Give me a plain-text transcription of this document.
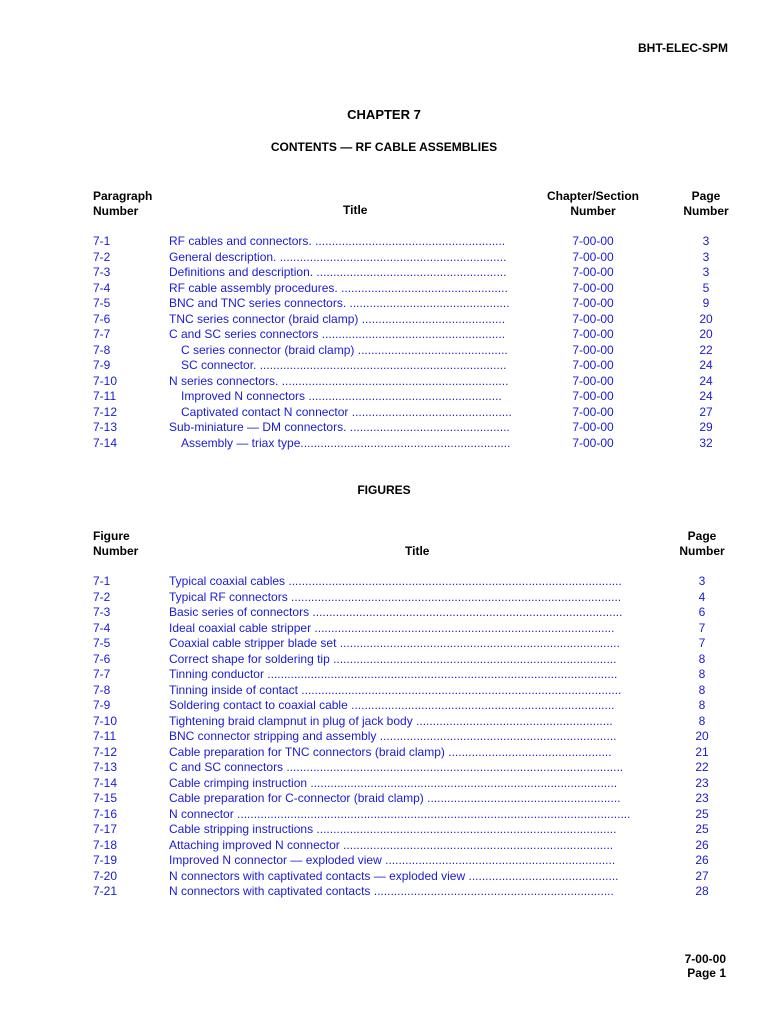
BHT-ELEC-SPM
CHAPTER 7
CONTENTS — RF CABLE ASSEMBLIES
Paragraph
Number	Title
Chapter/Section
Number
Page
Number
7-1	RF cables and connectors. .........................................................	7-00-00	3
7-2	General description. ....................................................................	7-00-00	3
7-3	Definitions and description. .........................................................	7-00-00	3
7-4	RF cable assembly procedures. ..................................................	7-00-00	5
7-5	BNC and TNC series connectors. ................................................	7-00-00	9
7-6	TNC series connector (braid clamp) ...........................................	7-00-00	20
7-7	C and SC series connectors .......................................................	7-00-00	20
7-8	C series connector (braid clamp) .............................................	7-00-00	22
7-9	SC connector. ..........................................................................	7-00-00	24
7-10	N series connectors. ....................................................................	7-00-00	24
7-11	Improved N connectors ..........................................................	7-00-00	24
7-12	Captivated contact N connector ................................................	7-00-00	27
7-13	Sub-miniature — DM connectors. ................................................	7-00-00	29
7-14	Assembly — triax type...............................................................	7-00-00	32
FIGURES
Figure
Number	Title
Page
Number
7-1	Typical coaxial cables ....................................................................................................	3
7-2	Typical RF connectors ...................................................................................................	4
7-3	Basic series of connectors .............................................................................................	6
7-4	Ideal coaxial cable stripper ..........................................................................................	7
7-5	Coaxial cable stripper blade set ....................................................................................	7
7-6	Correct shape for soldering tip .....................................................................................	8
7-7	Tinning conductor .........................................................................................................	8
7-8	Tinning inside of contact ................................................................................................	8
7-9	Soldering contact to coaxial cable ...............................................................................	8
7-10	Tightening braid clampnut in plug of jack body ...........................................................	8
7-11	BNC connector stripping and assembly .......................................................................	20
7-12	Cable preparation for TNC connectors (braid clamp) .................................................	21
7-13	C and SC connectors .....................................................................................................	22
7-14	Cable crimping instruction ............................................................................................	23
7-15	Cable preparation for C-connector (braid clamp) ..........................................................	23
7-16	N connector ......................................................................................................................	25
7-17	Cable stripping instructions ..........................................................................................	25
7-18	Attaching improved N connector .................................................................................	26
7-19	Improved N connector — exploded view .....................................................................	26
7-20	N connectors with captivated contacts — exploded view .............................................	27
7-21	N connectors with captivated contacts ........................................................................	28
7-00-00
Page 1
